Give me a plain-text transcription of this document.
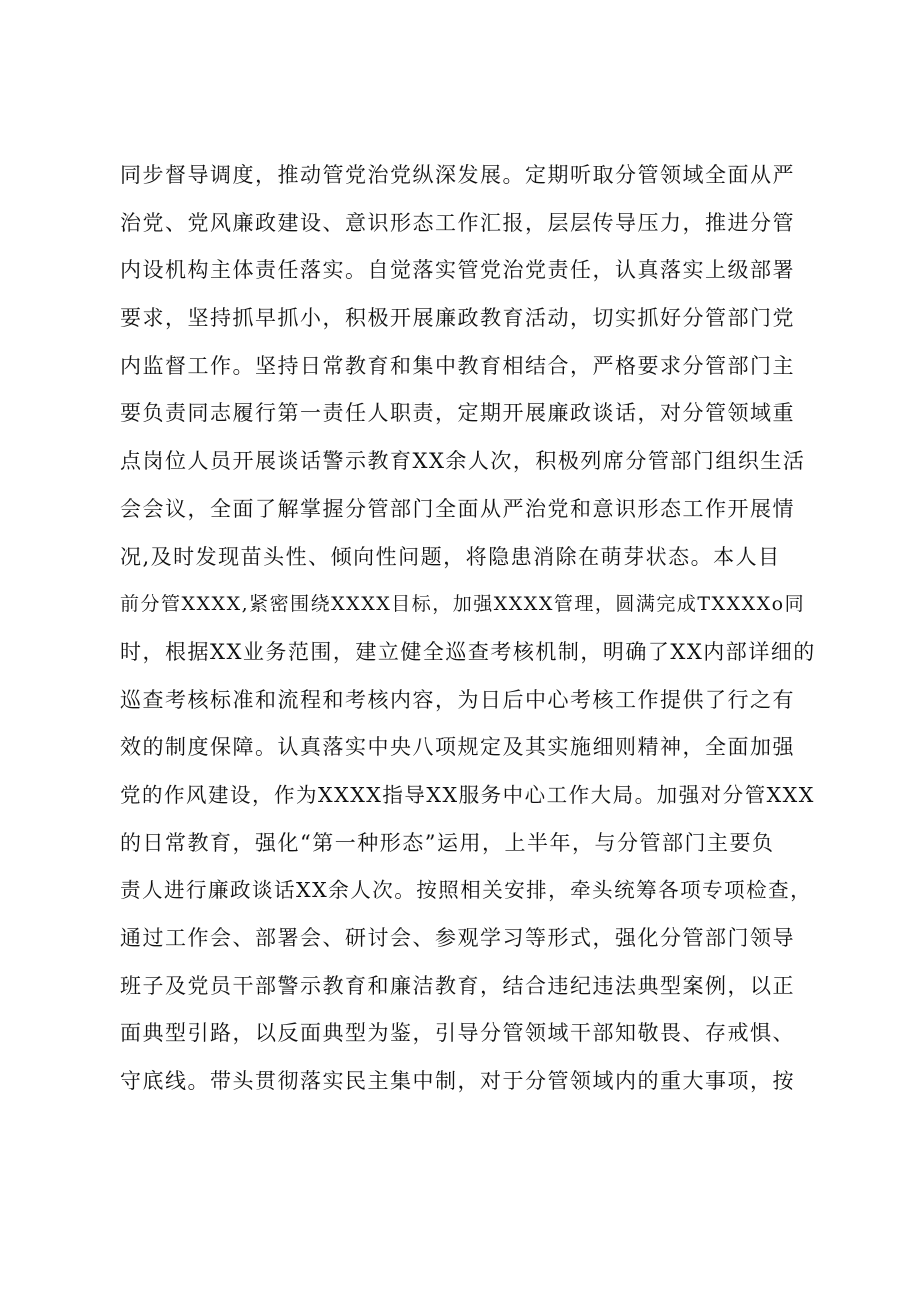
同步督导调度，推动管党治党纵深发展。定期听取分管领域全面从严
治党、党风廉政建设、意识形态工作汇报，层层传导压力，推进分管
内设机构主体责任落实。自觉落实管党治党责任，认真落实上级部署
要求，坚持抓早抓小，积极开展廉政教育活动，切实抓好分管部门党
内监督工作。坚持日常教育和集中教育相结合，严格要求分管部门主
要负责同志履行第一责任人职责，定期开展廉政谈话，对分管领域重
点岗位人员开展谈话警示教育XX余人次，积极列席分管部门组织生活
会会议，全面了解掌握分管部门全面从严治党和意识形态工作开展情
况,及时发现苗头性、倾向性问题，将隐患消除在萌芽状态。本人目
前分管XXXX,紧密围绕XXXX目标，加强XXXX管理，圆满完成TXXXXo同
时，根据XX业务范围，建立健全巡查考核机制，明确了XX内部详细的
巡查考核标准和流程和考核内容，为日后中心考核工作提供了行之有
效的制度保障。认真落实中央八项规定及其实施细则精神，全面加强
党的作风建设，作为XXXX指导XX服务中心工作大局。加强对分管XXX
的日常教育，强化“第一种形态”运用，上半年，与分管部门主要负
责人进行廉政谈话XX余人次。按照相关安排，牵头统筹各项专项检查，
通过工作会、部署会、研讨会、参观学习等形式，强化分管部门领导
班子及党员干部警示教育和廉洁教育，结合违纪违法典型案例，以正
面典型引路，以反面典型为鉴，引导分管领域干部知敬畏、存戒惧、
守底线。带头贯彻落实民主集中制，对于分管领域内的重大事项，按
